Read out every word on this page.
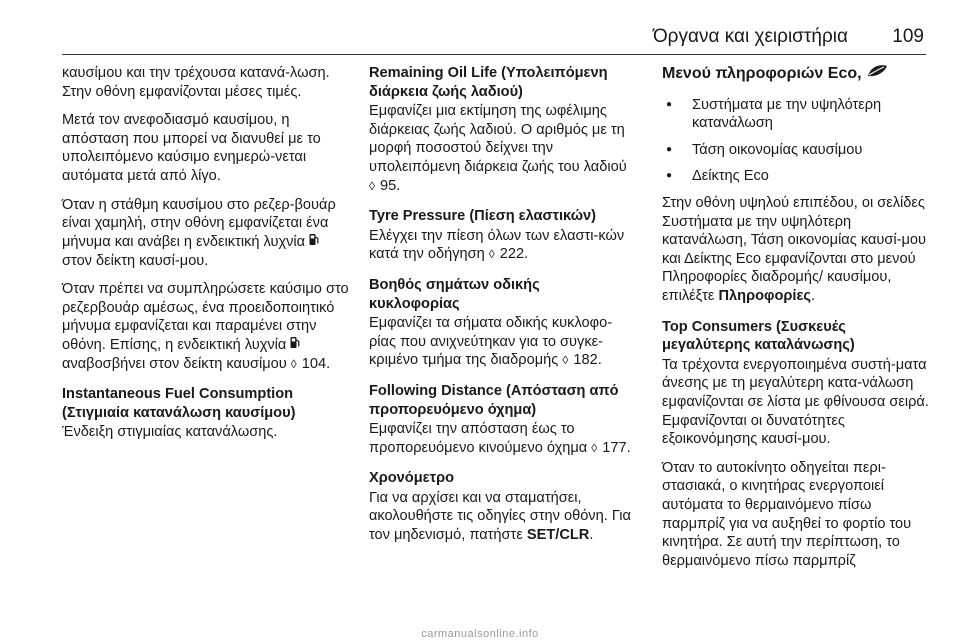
Όργανα και χειριστήρια 109

καυσίμου και την τρέχουσα κατανά-λωση. Στην οθόνη εμφανίζονται μέσες τιμές.

Μετά τον ανεφοδιασμό καυσίμου, η απόσταση που μπορεί να διανυθεί με το υπολειπόμενο καύσιμο ενημερώ-νεται αυτόματα μετά από λίγο.

Όταν η στάθμη καυσίμου στο ρεζερ-βουάρ είναι χαμηλή, στην οθόνη εμφανίζεται ένα μήνυμα και ανάβει η ενδεικτική λυχνία  στον δείκτη καυσί-μου.

Όταν πρέπει να συμπληρώσετε καύσιμο στο ρεζερβουάρ αμέσως, ένα προειδοποιητικό μήνυμα εμφανίζεται και παραμένει στην οθόνη. Επίσης, η ενδεικτική λυχνία  αναβοσβήνει στον δείκτη καυσίμου ◊ 104.

Instantaneous Fuel Consumption (Στιγμιαία κατανάλωση καυσίμου)

Ένδειξη στιγμιαίας κατανάλωσης.

Remaining Oil Life (Υπολειπόμενη διάρκεια ζωής λαδιού)

Εμφανίζει μια εκτίμηση της ωφέλιμης διάρκειας ζωής λαδιού. Ο αριθμός με τη μορφή ποσοστού δείχνει την υπολειπόμενη διάρκεια ζωής του λαδιού ◊ 95.

Tyre Pressure (Πίεση ελαστικών)

Ελέγχει την πίεση όλων των ελαστι-κών κατά την οδήγηση ◊ 222.

Βοηθός σημάτων οδικής κυκλοφορίας

Εμφανίζει τα σήματα οδικής κυκλοφο-ρίας που ανιχνεύτηκαν για το συγκε-κριμένο τμήμα της διαδρομής ◊ 182.

Following Distance (Απόσταση από προπορευόμενο όχημα)

Εμφανίζει την απόσταση έως το προπορευόμενο κινούμενο όχημα ◊ 177.

Χρονόμετρο

Για να αρχίσει και να σταματήσει, ακολουθήστε τις οδηγίες στην οθόνη. Για τον μηδενισμό, πατήστε SET/CLR.

Μενού πληροφοριών Eco,
● Συστήματα με την υψηλότερη κατανάλωση
● Τάση οικονομίας καυσίμου
● Δείκτης Eco

Στην οθόνη υψηλού επιπέδου, οι σελίδες Συστήματα με την υψηλότερη κατανάλωση, Τάση οικονομίας καυσί-μου και Δείκτης Eco εμφανίζονται στο μενού Πληροφορίες διαδρομής/ καυσίμου, επιλέξτε Πληροφορίες.

Top Consumers (Συσκευές μεγαλύτερης καταλάνωσης)

Τα τρέχοντα ενεργοποιημένα συστή-ματα άνεσης με τη μεγαλύτερη κατα-νάλωση εμφανίζονται σε λίστα με φθίνουσα σειρά. Εμφανίζονται οι δυνατότητες εξοικονόμησης καυσί-μου.

Όταν το αυτοκίνητο οδηγείται περι-στασιακά, ο κινητήρας ενεργοποιεί αυτόματα το θερμαινόμενο πίσω παρμπρίζ για να αυξηθεί το φορτίο του κινητήρα. Σε αυτή την περίπτωση, το θερμαινόμενο πίσω παρμπρίζ

carmanualsonline.info
